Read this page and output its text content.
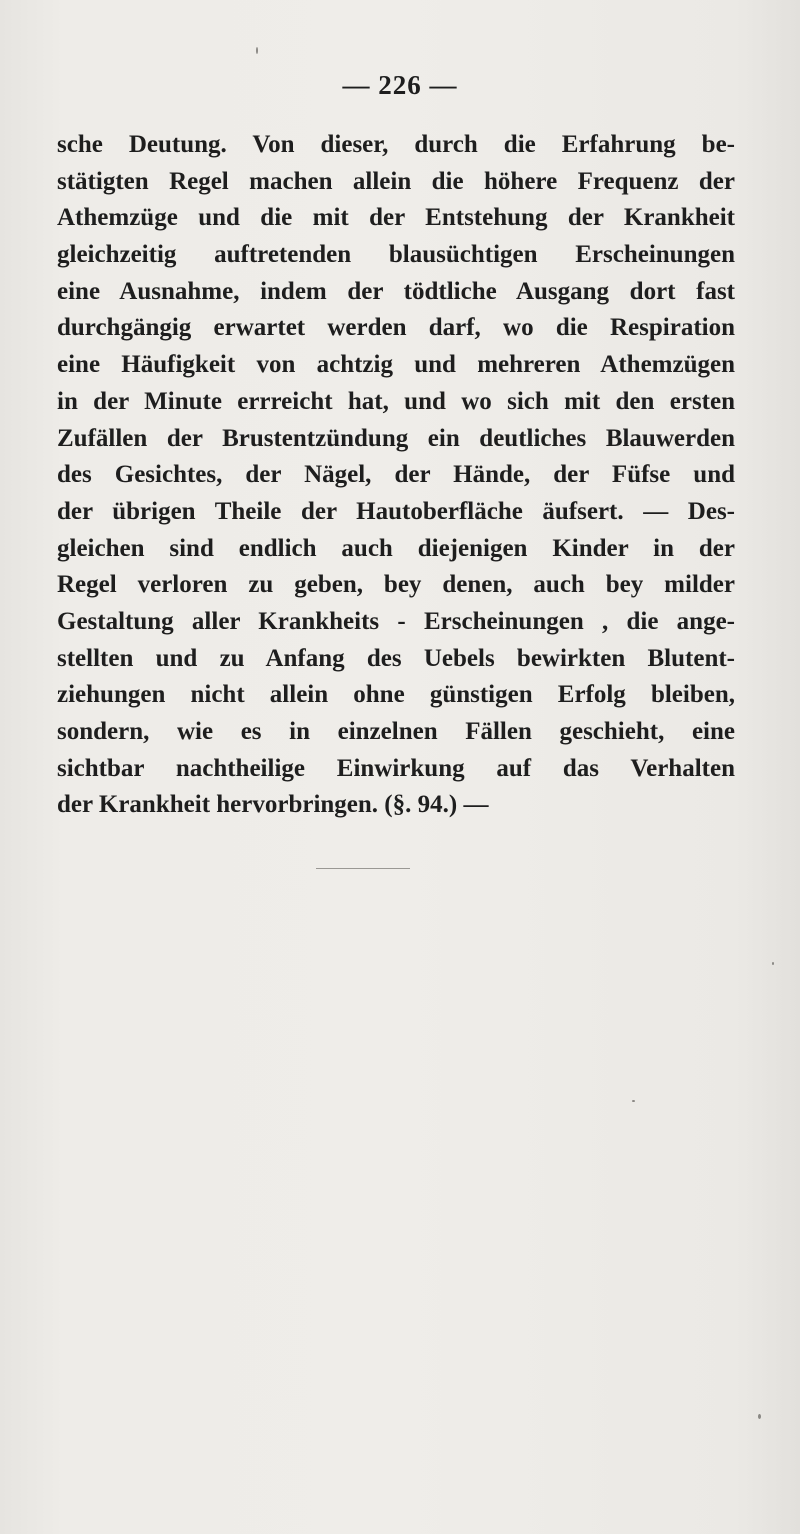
— 226 —
sche Deutung. Von dieser, durch die Erfahrung be-
stätigten Regel machen allein die höhere Frequenz der
Athemzüge und die mit der Entstehung der Krankheit
gleichzeitig auftretenden blausüchtigen Erscheinungen
eine Ausnahme, indem der tödtliche Ausgang dort fast
durchgängig erwartet werden darf, wo die Respiration
eine Häufigkeit von achtzig und mehreren Athemzügen
in der Minute errreicht hat, und wo sich mit den ersten
Zufällen der Brustentzündung ein deutliches Blauwerden
des Gesichtes, der Nägel, der Hände, der Füfse und
der übrigen Theile der Hautoberfläche äufsert. — Des-
gleichen sind endlich auch diejenigen Kinder in der
Regel verloren zu geben, bey denen, auch bey milder
Gestaltung aller Krankheits - Erscheinungen , die ange-
stellten und zu Anfang des Uebels bewirkten Blutent-
ziehungen nicht allein ohne günstigen Erfolg bleiben,
sondern, wie es in einzelnen Fällen geschieht, eine
sichtbar nachtheilige Einwirkung auf das Verhalten
der Krankheit hervorbringen. (§. 94.) —
